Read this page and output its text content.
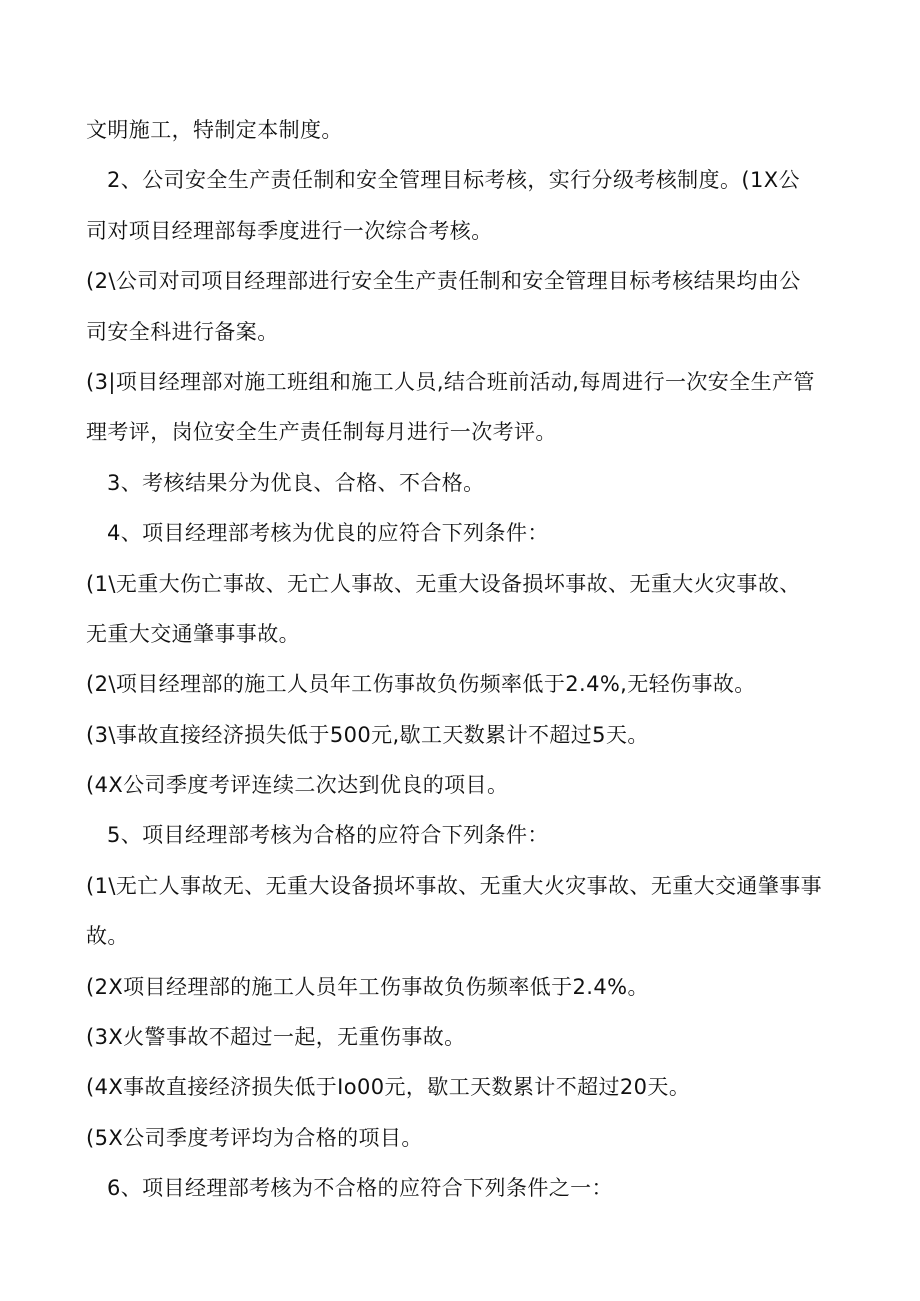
文明施工，特制定本制度。
2、公司安全生产责任制和安全管理目标考核，实行分级考核制度。(1X公
司对项目经理部每季度进行一次综合考核。
(2\公司对司项目经理部进行安全生产责任制和安全管理目标考核结果均由公
司安全科进行备案。
(3|项目经理部对施工班组和施工人员,结合班前活动,每周进行一次安全生产管
理考评，岗位安全生产责任制每月进行一次考评。
3、考核结果分为优良、合格、不合格。
4、项目经理部考核为优良的应符合下列条件：
(1\无重大伤亡事故、无亡人事故、无重大设备损坏事故、无重大火灾事故、
无重大交通肇事事故。
(2\项目经理部的施工人员年工伤事故负伤频率低于2.4%,无轻伤事故。
(3\事故直接经济损失低于500元,歇工天数累计不超过5天。
(4X公司季度考评连续二次达到优良的项目。
5、项目经理部考核为合格的应符合下列条件：
(1\无亡人事故无、无重大设备损坏事故、无重大火灾事故、无重大交通肇事事
故。
(2X项目经理部的施工人员年工伤事故负伤频率低于2.4%。
(3X火警事故不超过一起，无重伤事故。
(4X事故直接经济损失低于Io00元，歇工天数累计不超过20天。
(5X公司季度考评均为合格的项目。
6、项目经理部考核为不合格的应符合下列条件之一：
